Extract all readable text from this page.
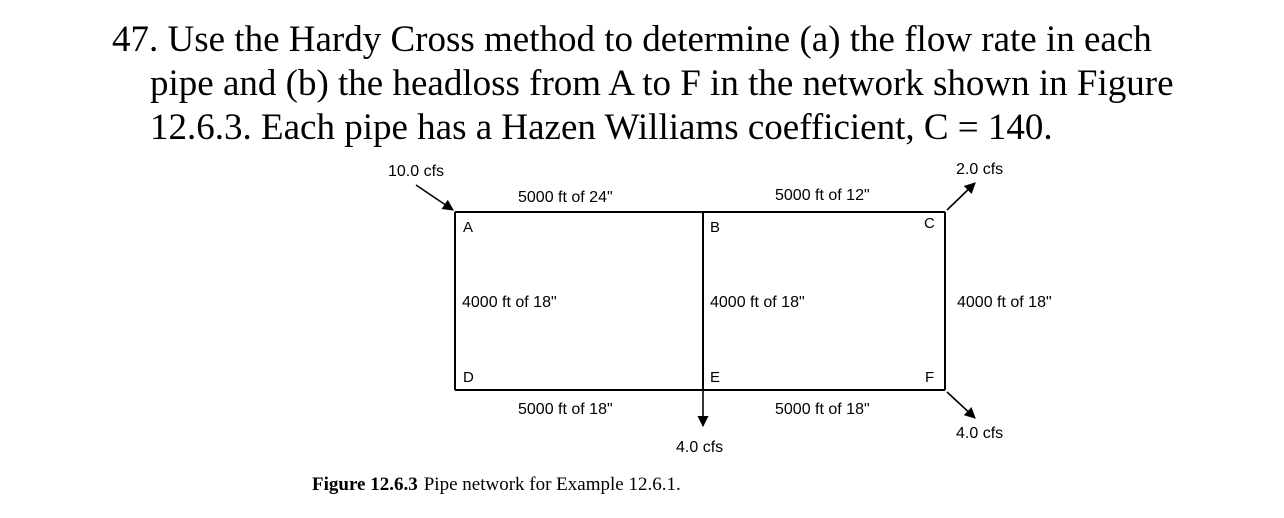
47. Use the Hardy Cross method to determine (a) the flow rate in each
pipe and (b) the headloss from A to F in the network shown in Figure
12.6.3. Each pipe has a Hazen Williams coefficient, C = 140.
A	B	C
D	E	F
5000 ft of 24"	5000 ft of 12"
4000 ft of 18"	4000 ft of 18"	4000 ft of 18"
5000 ft of 18"	5000 ft of 18"
10.0 cfs	2.0 cfs
4.0 cfs
4.0 cfs
Figure 12.6.3 Pipe network for Example 12.6.1.
